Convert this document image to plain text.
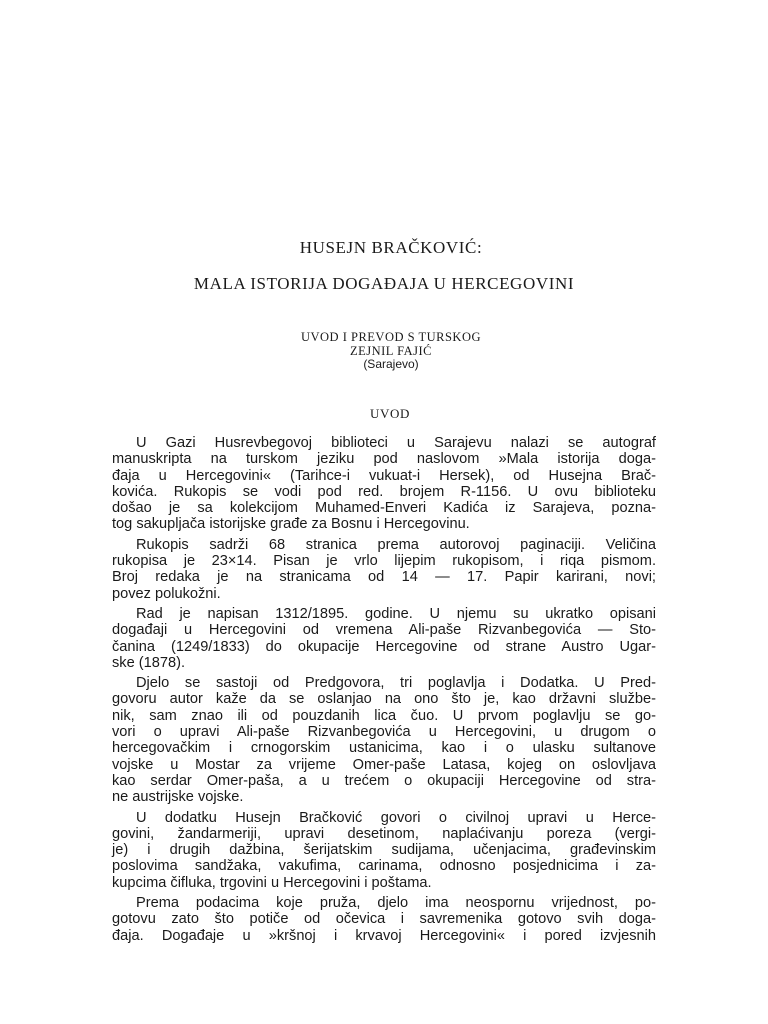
HUSEJN BRAČKOVIĆ:
MALA ISTORIJA DOGAĐAJA U HERCEGOVINI
UVOD I PREVOD S TURSKOG
ZEJNIL FAJIĆ
(Sarajevo)
UVOD
U Gazi Husrevbegovoj biblioteci u Sarajevu nalazi se autograf
manuskripta na turskom jeziku pod naslovom »Mala istorija doga-
đaja u Hercegovini« (Tarihce-i vukuat-i Hersek), od Husejna Brač-
kovića. Rukopis se vodi pod red. brojem R-1156. U ovu biblioteku
došao je sa kolekcijom Muhamed-Enveri Kadića iz Sarajeva, pozna-
tog sakupljača istorijske građe za Bosnu i Hercegovinu.
Rukopis sadrži 68 stranica prema autorovoj paginaciji. Veličina
rukopisa je 23×14. Pisan je vrlo lijepim rukopisom, i riqa pismom.
Broj redaka je na stranicama od 14 — 17. Papir karirani, novi;
povez polukožni.
Rad je napisan 1312/1895. godine. U njemu su ukratko opisani
događaji u Hercegovini od vremena Ali-paše Rizvanbegovića — Sto-
čanina (1249/1833) do okupacije Hercegovine od strane Austro Ugar-
ske (1878).
Djelo se sastoji od Predgovora, tri poglavlja i Dodatka. U Pred-
govoru autor kaže da se oslanjao na ono što je, kao državni službe-
nik, sam znao ili od pouzdanih lica čuo. U prvom poglavlju se go-
vori o upravi Ali-paše Rizvanbegovića u Hercegovini, u drugom o
hercegovačkim i crnogorskim ustanicima, kao i o ulasku sultanove
vojske u Mostar za vrijeme Omer-paše Latasa, kojeg on oslovljava
kao serdar Omer-paša, a u trećem o okupaciji Hercegovine od stra-
ne austrijske vojske.
U dodatku Husejn Bračković govori o civilnoj upravi u Herce-
govini, žandarmeriji, upravi desetinom, naplaćivanju poreza (vergi-
je) i drugih dažbina, šerijatskim sudijama, učenjacima, građevinskim
poslovima sandžaka, vakufima, carinama, odnosno posjednicima i za-
kupcima čifluka, trgovini u Hercegovini i poštama.
Prema podacima koje pruža, djelo ima neospornu vrijednost, po-
gotovu zato što potiče od očevica i savremenika gotovo svih doga-
đaja. Događaje u »kršnoj i krvavoj Hercegovini« i pored izvjesnih
